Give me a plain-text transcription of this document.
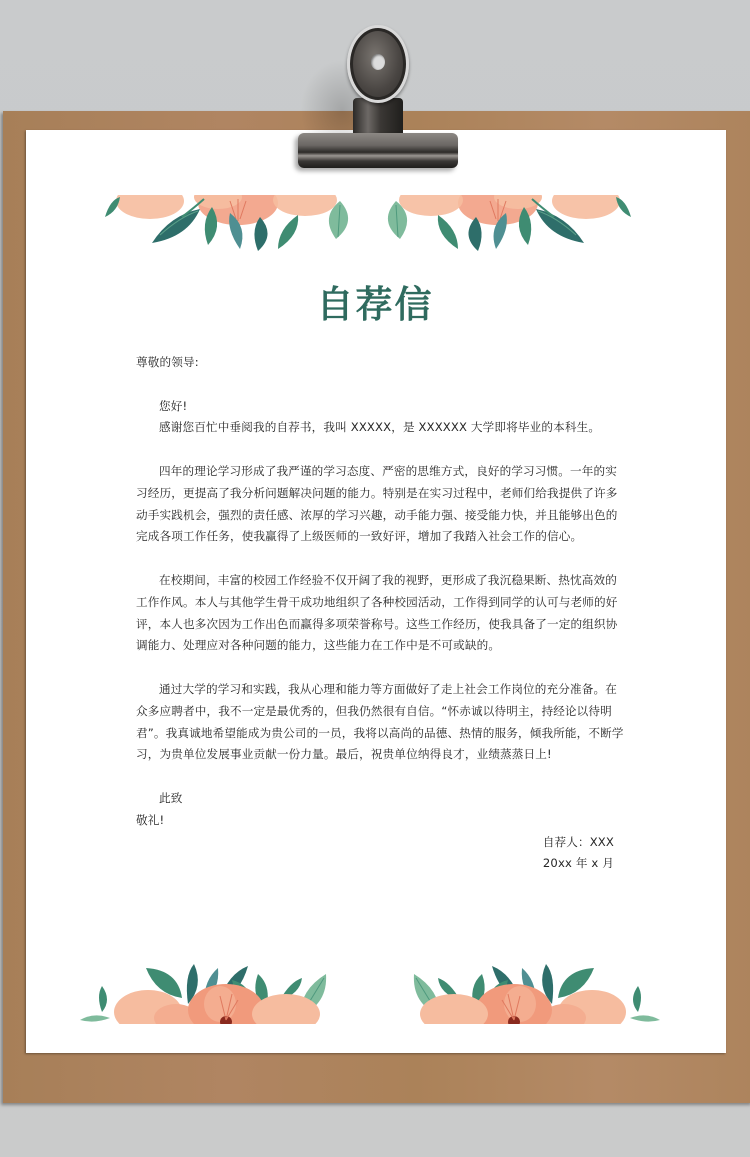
自荐信

尊敬的领导:

您好!

感谢您百忙中垂阅我的自荐书，我叫 XXXXX，是 XXXXXX 大学即将毕业的本科生。

四年的理论学习形成了我严谨的学习态度、严密的思维方式，良好的学习习惯。一年的实习经历，更提高了我分析问题解决问题的能力。特别是在实习过程中，老师们给我提供了许多动手实践机会，强烈的责任感、浓厚的学习兴趣，动手能力强、接受能力快，并且能够出色的完成各项工作任务，使我赢得了上级医师的一致好评，增加了我踏入社会工作的信心。

在校期间，丰富的校园工作经验不仅开阔了我的视野，更形成了我沉稳果断、热忱高效的工作作风。本人与其他学生骨干成功地组织了各种校园活动，工作得到同学的认可与老师的好评，本人也多次因为工作出色而赢得多项荣誉称号。这些工作经历，使我具备了一定的组织协调能力、处理应对各种问题的能力，这些能力在工作中是不可或缺的。

通过大学的学习和实践，我从心理和能力等方面做好了走上社会工作岗位的充分准备。在众多应聘者中，我不一定是最优秀的，但我仍然很有自信。“怀赤诚以待明主，持经论以待明君”。我真诚地希望能成为贵公司的一员，我将以高尚的品德、热情的服务，倾我所能，不断学习，为贵单位发展事业贡献一份力量。最后，祝贵单位纳得良才，业绩蒸蒸日上!

此致

敬礼!

自荐人：XXX

20xx 年 x 月
